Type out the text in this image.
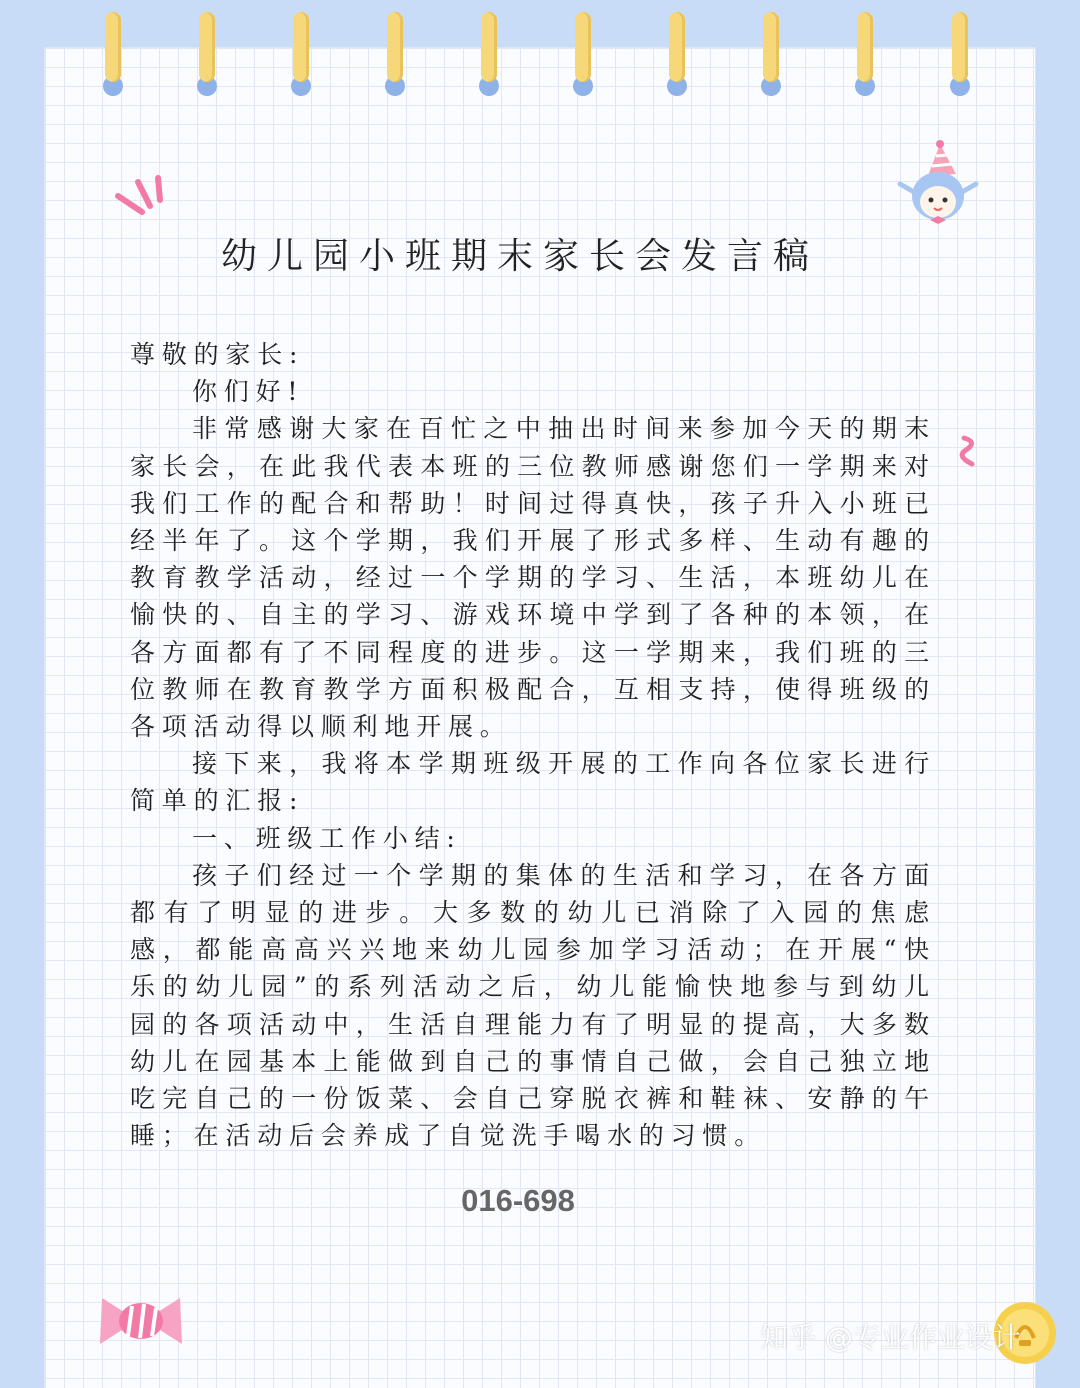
幼儿园小班期末家长会发言稿

尊敬的家长:

你们好!

非常感谢大家在百忙之中抽出时间来参加今天的期末家长会，在此我代表本班的三位教师感谢您们一学期来对我们工作的配合和帮助！时间过得真快，孩子升入小班已经半年了。这个学期，我们开展了形式多样、生动有趣的教育教学活动，经过一个学期的学习、生活，本班幼儿在愉快的、自主的学习、游戏环境中学到了各种的本领，在各方面都有了不同程度的进步。这一学期来，我们班的三位教师在教育教学方面积极配合，互相支持，使得班级的各项活动得以顺利地开展。

接下来，我将本学期班级开展的工作向各位家长进行简单的汇报:

一、班级工作小结:

孩子们经过一个学期的集体的生活和学习，在各方面都有了明显的进步。大多数的幼儿已消除了入园的焦虑感，都能高高兴兴地来幼儿园参加学习活动；在开展“快乐的幼儿园”的系列活动之后，幼儿能愉快地参与到幼儿园的各项活动中，生活自理能力有了明显的提高，大多数幼儿在园基本上能做到自己的事情自己做，会自己独立地吃完自己的一份饭菜、会自己穿脱衣裤和鞋袜、安静的午睡；在活动后会养成了自觉洗手喝水的习惯。

016-698
知乎 @专业作业设计
